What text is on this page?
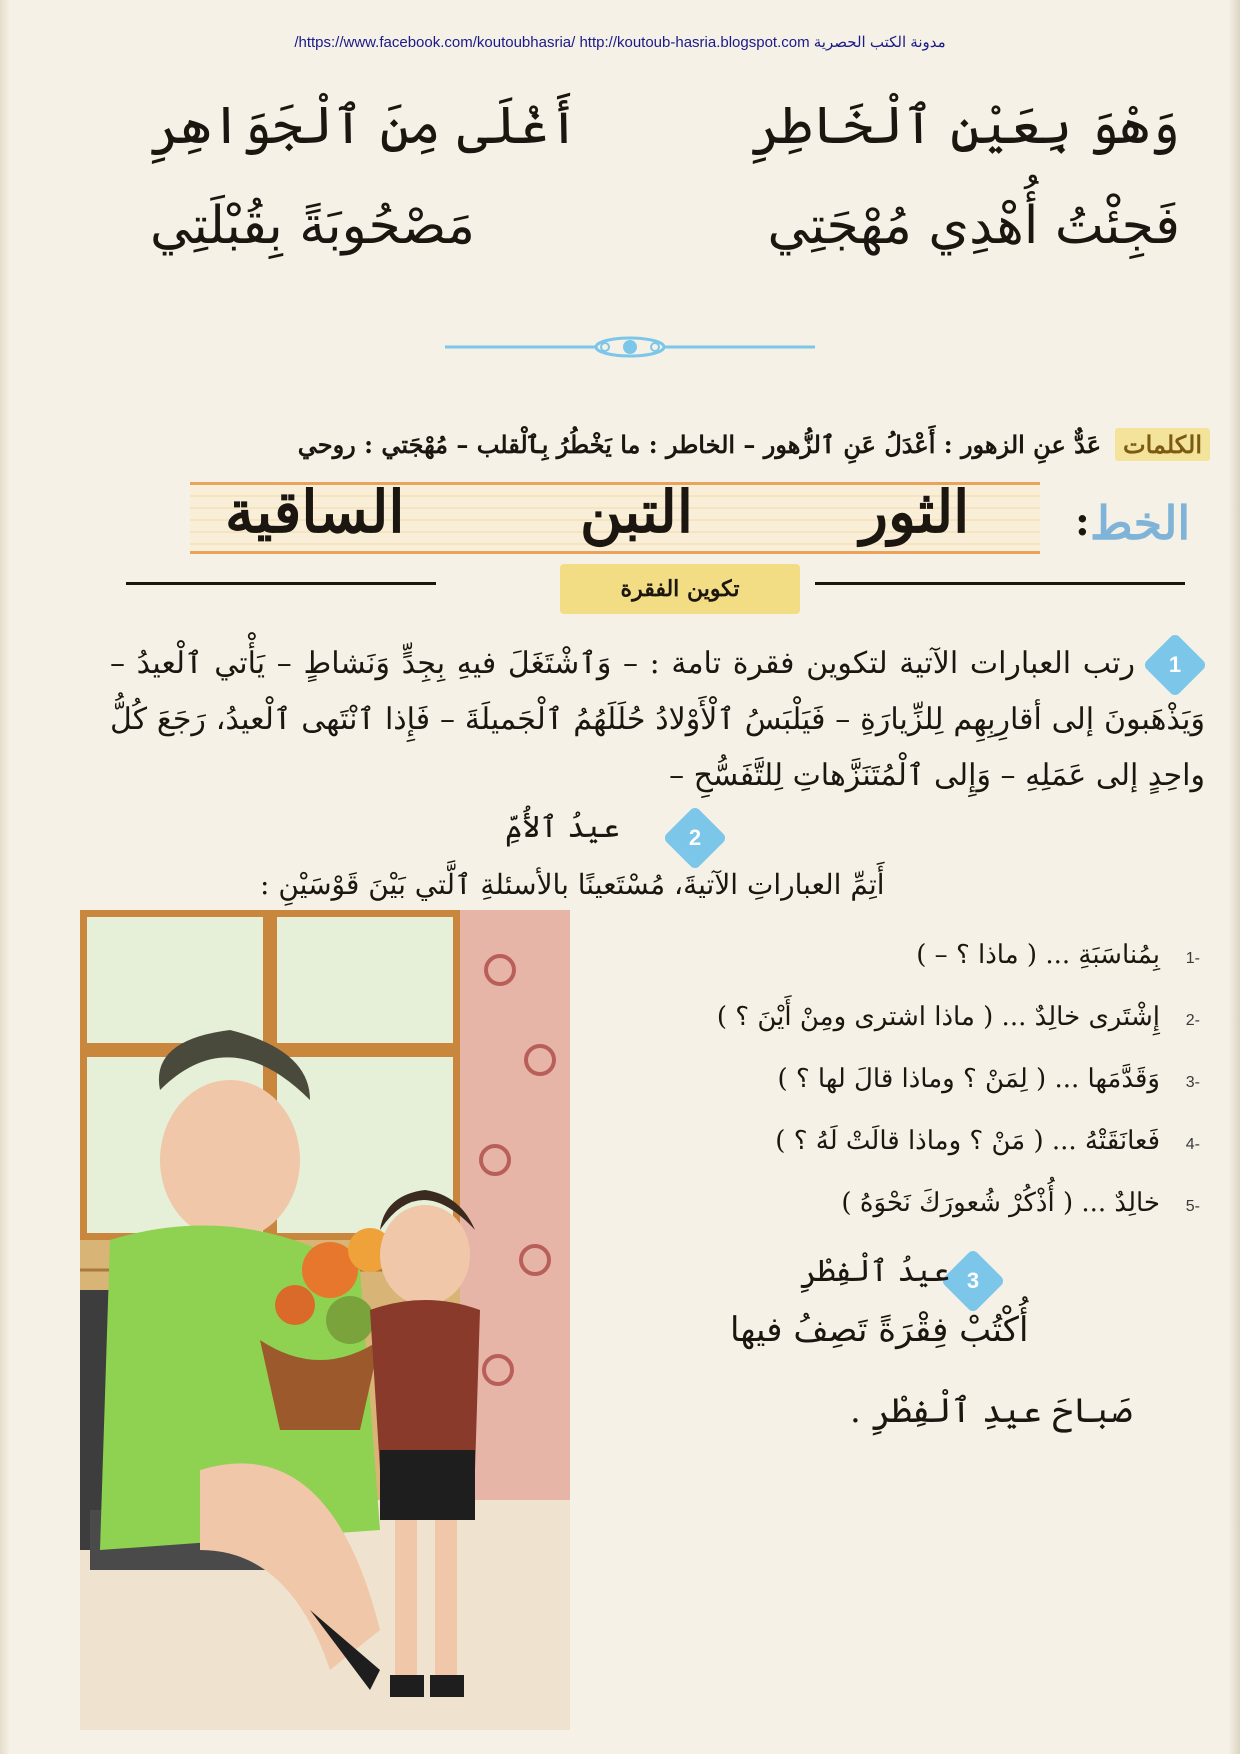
/https://www.facebook.com/koutoubhasria/ http://koutoub-hasria.blogspot.com مدونة الكتب الحصرية
وَهْوَ بِعَيْنِ ٱلْخَاطِرِ
أَغْلَى مِنَ ٱلْجَوَاهِرِ
فَجِئْتُ أُهْدِي مُهْجَتِي
مَصْحُوبَةً بِقُبْلَتِي
الكلماتعَدٌّ عنِ الزهور : أَعْدَلُ عَنِ ٱلزُّهور – الخاطر : ما يَخْطُرُ بِٱلْقلب – مُهْجَتي : روحي
الخط
:
الثور
التبن
الساقية
تكوين الفقرة
1
رتب العبارات الآتية لتكوين فقرة تامة : – وَٱشْتَغَلَ فيهِ بِجِدٍّ وَنَشاطٍ – يَأْتي ٱلْعيدُ – وَيَذْهَبونَ إلى أقارِبِهِم لِلزِّيارَةِ – فَيَلْبَسُ ٱلْأَوْلادُ حُلَلَهُمُ ٱلْجَميلَةَ – فَإِذا ٱنْتَهى ٱلْعيدُ، رَجَعَ كُلُّ واحِدٍ إلى عَمَلِهِ – وَإِلى ٱلْمُتَنَزَّهاتِ لِلتَّفَسُّحِ –
2
عيدُ ٱلأُمِّ
أَتِمِّ العباراتِ الآتيةَ، مُسْتَعينًا بالأسئلةِ ٱلَّتي بَيْنَ قَوْسَيْنِ :
-1بِمُناسَبَةِ ... ( ماذا ؟ – )
-2إِشْتَرى خالِدٌ ... ( ماذا اشترى ومِنْ أَيْنَ ؟ )
-3وَقَدَّمَها ... ( لِمَنْ ؟ وماذا قالَ لها ؟ )
-4فَعانَقَتْهُ ... ( مَنْ ؟ وماذا قالَتْ لَهُ ؟ )
-5خالِدٌ ... ( أُذْكُرْ شُعورَكَ نَحْوَهُ )
3
عيدُ ٱلْفِطْرِ
أُكْتُبْ فِقْرَةً تَصِفُ فيها
صَباحَ عيدِ ٱلْفِطْرِ .
